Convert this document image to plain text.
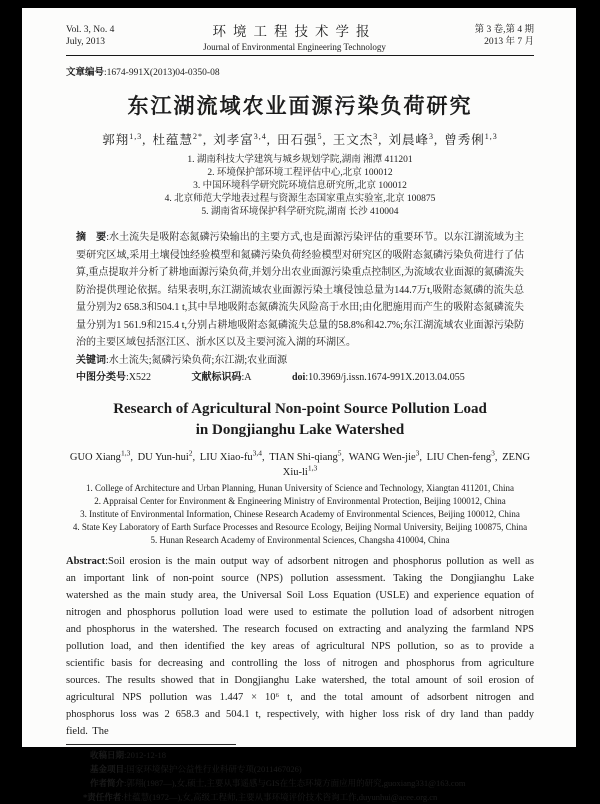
Vol. 3, No. 4
July, 2013
环境工程技术学报
Journal of Environmental Engineering Technology
第 3 卷,第 4 期
2013 年 7 月
文章编号:1674-991X(2013)04-0350-08
东江湖流域农业面源污染负荷研究
郭翔$^{1,3}$, 杜蕴慧$^{2*}$, 刘孝富$^{3,4}$, 田石强$^5$, 王文杰$^3$, 刘晨峰$^3$, 曾秀俐$^{1,3}$
1. 湖南科技大学建筑与城乡规划学院,湖南 湘潭 411201
2. 环境保护部环境工程评估中心,北京 100012
3. 中国环境科学研究院环境信息研究所,北京 100012
4. 北京师范大学地表过程与资源生态国家重点实验室,北京 100875
5. 湖南省环境保护科学研究院,湖南 长沙 410004
摘　要:水土流失是吸附态氮磷污染输出的主要方式,也是面源污染评估的重要环节。以东江湖流域为主要研究区域,采用土壤侵蚀经验模型和氮磷污染负荷经验模型对研究区的吸附态氮磷污染负荷进行了估算,重点提取并分析了耕地面源污染负荷,并划分出农业面源污染重点控制区,为流域农业面源的氮磷流失防治提供理论依据。结果表明,东江湖流域农业面源污染土壤侵蚀总量为144.7万t,吸附态氮磷的流失总量分别为2 658.3和504.1 t,其中旱地吸附态氮磷流失风险高于水田;由化肥施用而产生的吸附态氮磷流失量分别为1 561.9和215.4 t,分别占耕地吸附态氮磷流失总量的58.8%和42.7%;东江湖流域农业面源污染防治的主要区域包括沤江区、浙水区以及主要河流入湖的环湖区。
关键词:水土流失;氮磷污染负荷;东江湖;农业面源
中图分类号:X522	文献标识码:A	doi:10.3969/j.issn.1674-991X.2013.04.055
Research of Agricultural Non-point Source Pollution Load
in Dongjianghu Lake Watershed
GUO Xiang$^{1,3}$, DU Yun-hui$^2$, LIU Xiao-fu$^{3,4}$, TIAN Shi-qiang$^5$, WANG Wen-jie$^3$, LIU Chen-feng$^3$, ZENG Xiu-li$^{1,3}$
1. College of Architecture and Urban Planning, Hunan University of Science and Technology, Xiangtan 411201, China
2. Appraisal Center for Environment & Engineering Ministry of Environmental Protection, Beijing 100012, China
3. Institute of Environmental Information, Chinese Research Academy of Environmental Sciences, Beijing 100012, China
4. State Key Laboratory of Earth Surface Processes and Resource Ecology, Beijing Normal University, Beijing 100875, China
5. Hunan Research Academy of Environmental Sciences, Changsha 410004, China
Abstract:Soil erosion is the main output way of adsorbent nitrogen and phosphorus pollution as well as an important link of non-point source (NPS) pollution assessment. Taking the Dongjianghu Lake watershed as the main study area, the Universal Soil Loss Equation (USLE) and experience equation of nitrogen and phosphorus pollution load were used to estimate the pollution load of adsorbent nitrogen and phosphorus in the watershed. The research focused on extracting and analyzing the farmland NPS pollution load, and then identified the key areas of agricultural NPS pollution, so as to provide a scientific basis for decreasing and controlling the loss of nitrogen and phosphorus from agriculture sources. The results showed that in Dongjianghu Lake watershed, the total amount of soil erosion of agricultural NPS pollution was 1.447 × 10⁶ t, and the total amount of adsorbent nitrogen and phosphorus loss was 2 658.3 and 504.1 t, respectively, with higher loss risk of dry land than paddy field. The
收稿日期:2012-12-18
基金项目:国家环境保护公益性行业科研专项(2011467026)
作者简介:郭翔(1987—),女,硕士,主要从事遥感与GIS在生态环境方面应用的研究,guoxiang331@163.com
*责任作者:杜蕴慧(1972—),女,高级工程师,主要从事环境评价技术咨询工作,duyunhui@acee.org.cn
